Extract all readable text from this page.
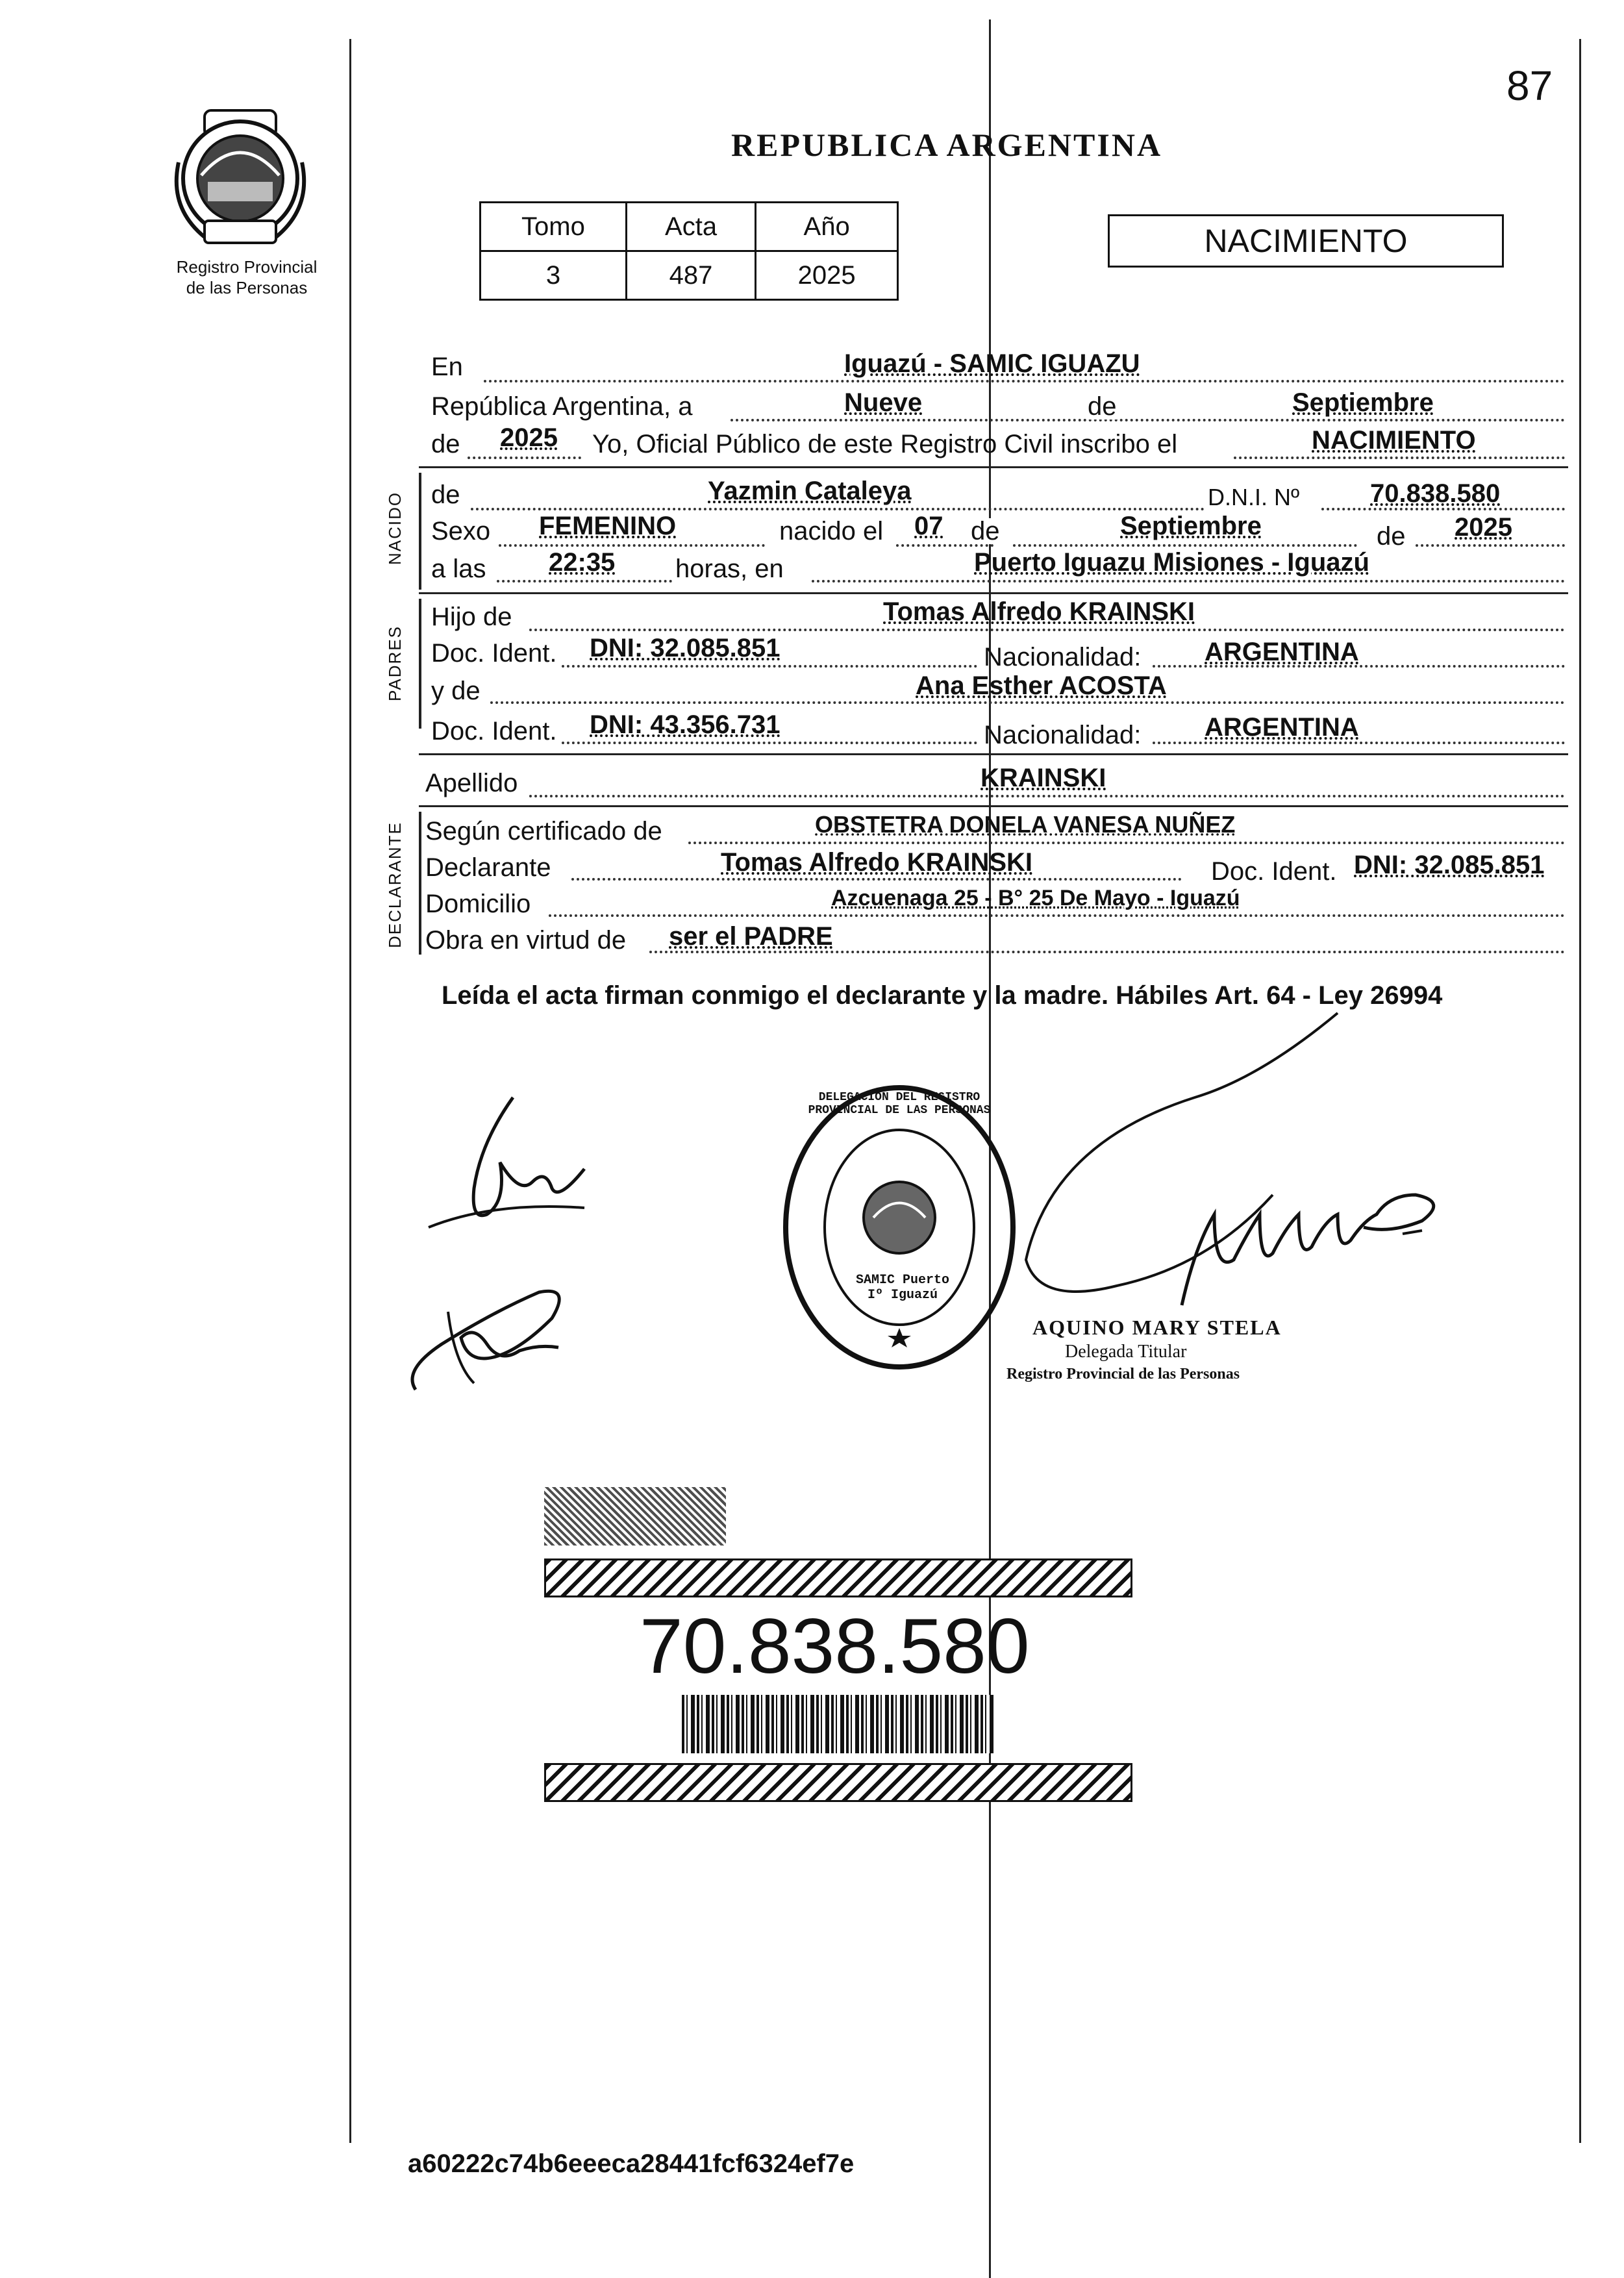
87
Registro Provincial
de las Personas
REPUBLICA ARGENTINA
Tomo	Acta	Año
3	487	2025
NACIMIENTO
En	Iguazú - SAMIC IGUAZU
República Argentina, a	Nueve	de	Septiembre
de 2025 Yo, Oficial Público de este Registro Civil inscribo el	NACIMIENTO
NACIDO de	Yazmin Cataleya	D.N.I. Nº	70.838.580
Sexo FEMENINO	nacido el 07 de	Septiembre	de 2025
a las 22:35 horas, en	Puerto Iguazu Misiones - Iguazú
PADRES
Hijo de	Tomas Alfredo KRAINSKI
Doc. Ident. DNI: 32.085.851	Nacionalidad: ARGENTINA
y de	Ana Esther ACOSTA
Doc. Ident. DNI: 43.356.731	Nacionalidad: ARGENTINA
Apellido	KRAINSKI
DECLARANTE Según certificado de	OBSTETRA DONELA VANESA NUÑEZ
Declarante	Tomas Alfredo KRAINSKI	Doc. Ident. DNI: 32.085.851
Domicilio	Azcuenaga 25 - B° 25 De Mayo - Iguazú
Obra en virtud de ser el PADRE
Leída el acta firman conmigo el declarante y la madre. Hábiles Art. 64 - Ley 26994
DELEGACION DEL REGISTRO PROVINCIAL DE LAS PERSONAS
SAMIC Puerto Iº Iguazú
AQUINO MARY STELA
Delegada Titular
Registro Provincial de las Personas
70.838.580
a60222c74b6eeeca28441fcf6324ef7e
